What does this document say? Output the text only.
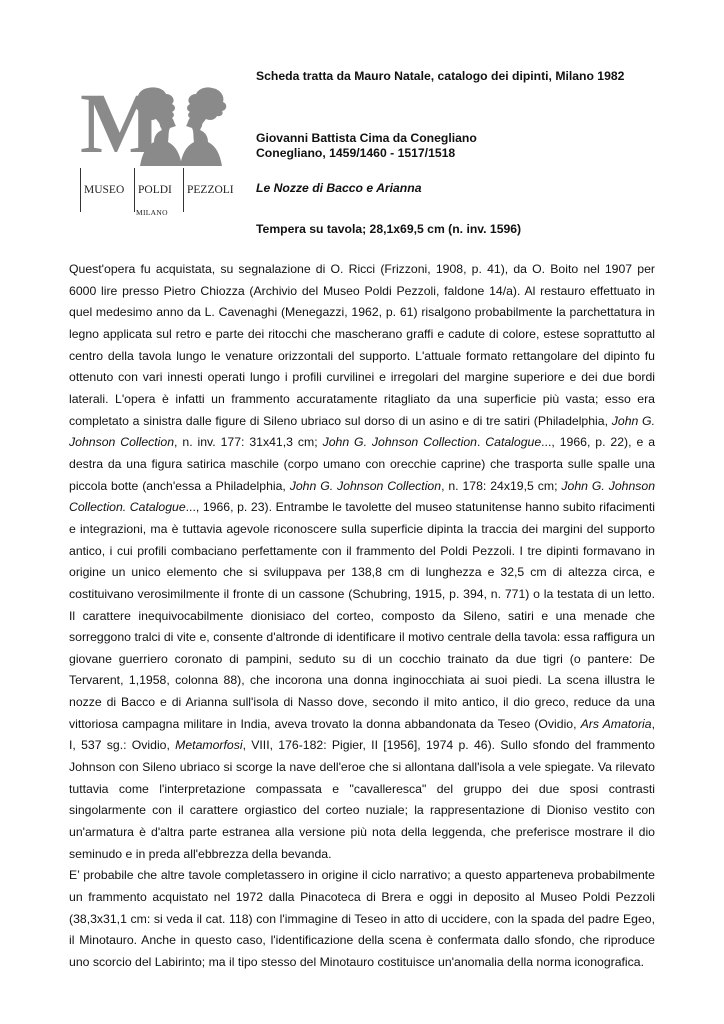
M
MUSEO	POLDI	PEZZOLI
MILANO
Scheda tratta da Mauro Natale, catalogo dei dipinti, Milano 1982
Giovanni Battista Cima da Conegliano
Conegliano, 1459/1460 - 1517/1518
Le Nozze di Bacco e Arianna
Tempera su tavola; 28,1x69,5 cm (n. inv. 1596)

Quest'opera fu acquistata, su segnalazione di O. Ricci (Frizzoni, 1908, p. 41), da O. Boito nel 1907 per 6000 lire presso Pietro Chiozza (Archivio del Museo Poldi Pezzoli, faldone 14/a). Al restauro effettuato in quel medesimo anno da L. Cavenaghi (Menegazzi, 1962, p. 61) risalgono probabilmente la parchettatura in legno applicata sul retro e parte dei ritocchi che mascherano graffi e cadute di colore, estese soprattutto al centro della tavola lungo le venature orizzontali del supporto. L'attuale formato rettangolare del dipinto fu ottenuto con vari innesti operati lungo i profili curvilinei e irregolari del margine superiore e dei due bordi laterali. L'opera è infatti un frammento accuratamente ritagliato da una superficie più vasta; esso era completato a sinistra dalle figure di Sileno ubriaco sul dorso di un asino e di tre satiri (Philadelphia, John G. Johnson Collection, n. inv. 177: 31x41,3 cm; John G. Johnson Collection. Catalogue..., 1966, p. 22), e a destra da una figura satirica maschile (corpo umano con orecchie caprine) che trasporta sulle spalle una piccola botte (anch'essa a Philadelphia, John G. Johnson Collection, n. 178: 24x19,5 cm; John G. Johnson Collection. Catalogue..., 1966, p. 23). Entrambe le tavolette del museo statunitense hanno subito rifacimenti e integrazioni, ma è tuttavia agevole riconoscere sulla superficie dipinta la traccia dei margini del supporto antico, i cui profili combaciano perfettamente con il frammento del Poldi Pezzoli. I tre dipinti formavano in origine un unico elemento che si sviluppava per 138,8 cm di lunghezza e 32,5 cm di altezza circa, e costituivano verosimilmente il fronte di un cassone (Schubring, 1915, p. 394, n. 771) o la testata di un letto. Il carattere inequivocabilmente dionisiaco del corteo, composto da Sileno, satiri e una menade che sorreggono tralci di vite e, consente d'altronde di identificare il motivo centrale della tavola: essa raffigura un giovane guerriero coronato di pampini, seduto su di un cocchio trainato da due tigri (o pantere: De Tervarent, 1,1958, colonna 88), che incorona una donna inginocchiata ai suoi piedi. La scena illustra le nozze di Bacco e di Arianna sull'isola di Nasso dove, secondo il mito antico, il dio greco, reduce da una vittoriosa campagna militare in India, aveva trovato la donna abbandonata da Teseo (Ovidio, Ars Amatoria, I, 537 sg.: Ovidio, Metamorfosi, VIII, 176-182: Pigier, II [1956], 1974 p. 46). Sullo sfondo del frammento Johnson con Sileno ubriaco si scorge la nave dell'eroe che si allontana dall'isola a vele spiegate. Va rilevato tuttavia come l'interpretazione compassata e "cavalleresca" del gruppo dei due sposi contrasti singolarmente con il carattere orgiastico del corteo nuziale; la rappresentazione di Dioniso vestito con un'armatura è d'altra parte estranea alla versione più nota della leggenda, che preferisce mostrare il dio seminudo e in preda all'ebbrezza della bevanda.

E’ probabile che altre tavole completassero in origine il ciclo narrativo; a questo apparteneva probabilmente un frammento acquistato nel 1972 dalla Pinacoteca di Brera e oggi in deposito al Museo Poldi Pezzoli (38,3x31,1 cm: si veda il cat. 118) con l'immagine di Teseo in atto di uccidere, con la spada del padre Egeo, il Minotauro. Anche in questo caso, l'identificazione della scena è confermata dallo sfondo, che riproduce uno scorcio del Labirinto; ma il tipo stesso del Minotauro costituisce un'anomalia della norma iconografica.
